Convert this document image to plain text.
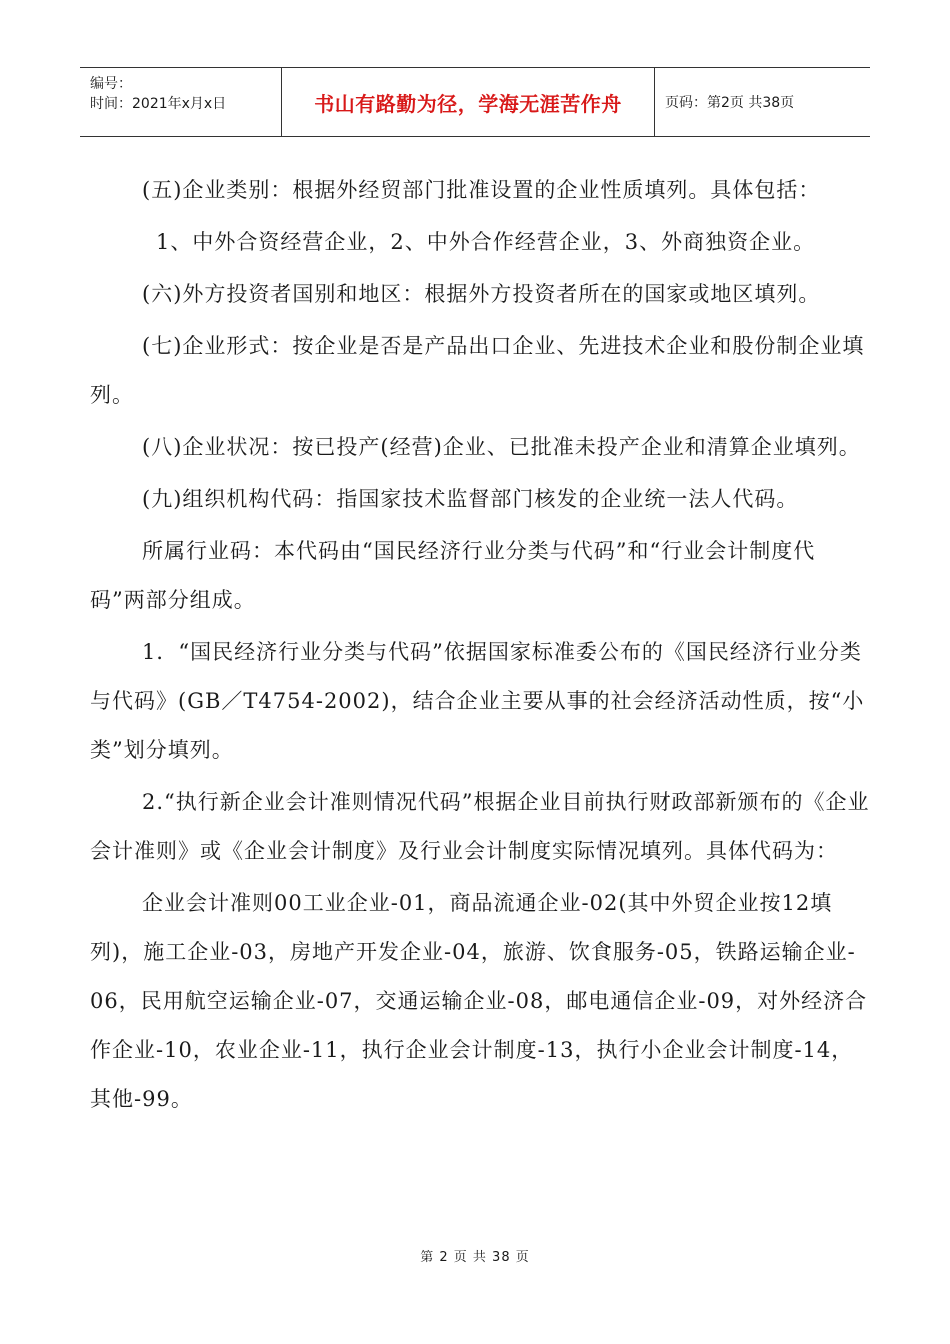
编号：
时间：2021年x月x日	书山有路勤为径，学海无涯苦作舟	页码：第2页 共38页

(五)企业类别：根据外经贸部门批准设置的企业性质填列。具体包括：

1、中外合资经营企业，2、中外合作经营企业，3、外商独资企业。

(六)外方投资者国别和地区：根据外方投资者所在的国家或地区填列。

(七)企业形式：按企业是否是产品出口企业、先进技术企业和股份制企业填列。

(八)企业状况：按已投产(经营)企业、已批准未投产企业和清算企业填列。

(九)组织机构代码：指国家技术监督部门核发的企业统一法人代码。

所属行业码：本代码由“国民经济行业分类与代码”和“行业会计制度代码”两部分组成。

1．“国民经济行业分类与代码”依据国家标准委公布的《国民经济行业分类与代码》(GB／T4754-2002)，结合企业主要从事的社会经济活动性质，按“小类”划分填列。

2.“执行新企业会计准则情况代码”根据企业目前执行财政部新颁布的《企业会计准则》或《企业会计制度》及行业会计制度实际情况填列。具体代码为：

企业会计准则00工业企业-01，商品流通企业-02(其中外贸企业按12填列)，施工企业-03，房地产开发企业-04，旅游、饮食服务-05，铁路运输企业-06，民用航空运输企业-07，交通运输企业-08，邮电通信企业-09，对外经济合作企业-10，农业企业-11，执行企业会计制度-13，执行小企业会计制度-14，其他-99。

第 2 页 共 38 页
